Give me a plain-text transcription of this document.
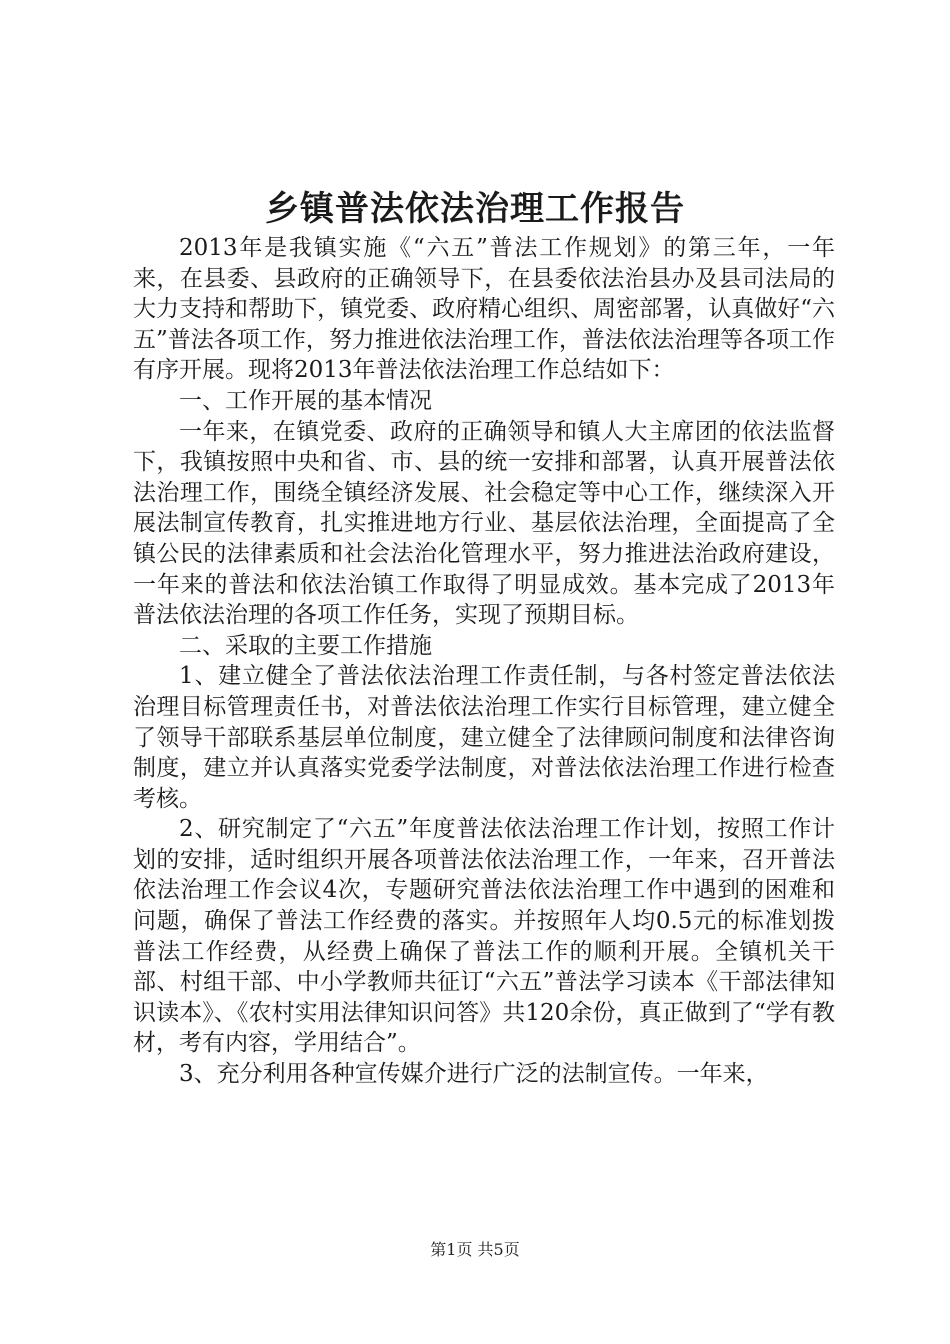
乡镇普法依法治理工作报告

2013年是我镇实施《“六五”普法工作规划》的第三年，一年来，在县委、县政府的正确领导下，在县委依法治县办及县司法局的大力支持和帮助下，镇党委、政府精心组织、周密部署，认真做好“六五”普法各项工作，努力推进依法治理工作，普法依法治理等各项工作有序开展。现将2013年普法依法治理工作总结如下：

一、工作开展的基本情况

一年来，在镇党委、政府的正确领导和镇人大主席团的依法监督下，我镇按照中央和省、市、县的统一安排和部署，认真开展普法依法治理工作，围绕全镇经济发展、社会稳定等中心工作，继续深入开展法制宣传教育，扎实推进地方行业、基层依法治理，全面提高了全镇公民的法律素质和社会法治化管理水平，努力推进法治政府建设，一年来的普法和依法治镇工作取得了明显成效。基本完成了2013年普法依法治理的各项工作任务，实现了预期目标。

二、采取的主要工作措施

1、建立健全了普法依法治理工作责任制，与各村签定普法依法治理目标管理责任书，对普法依法治理工作实行目标管理，建立健全了领导干部联系基层单位制度，建立健全了法律顾问制度和法律咨询制度，建立并认真落实党委学法制度，对普法依法治理工作进行检查考核。

2、研究制定了“六五”年度普法依法治理工作计划，按照工作计划的安排，适时组织开展各项普法依法治理工作，一年来，召开普法依法治理工作会议4次，专题研究普法依法治理工作中遇到的困难和问题，确保了普法工作经费的落实。并按照年人均0.5元的标准划拨普法工作经费，从经费上确保了普法工作的顺利开展。全镇机关干部、村组干部、中小学教师共征订“六五”普法学习读本《干部法律知识读本》、《农村实用法律知识问答》共120余份，真正做到了“学有教材，考有内容，学用结合”。

3、充分利用各种宣传媒介进行广泛的法制宣传。一年来，

第1页 共5页
